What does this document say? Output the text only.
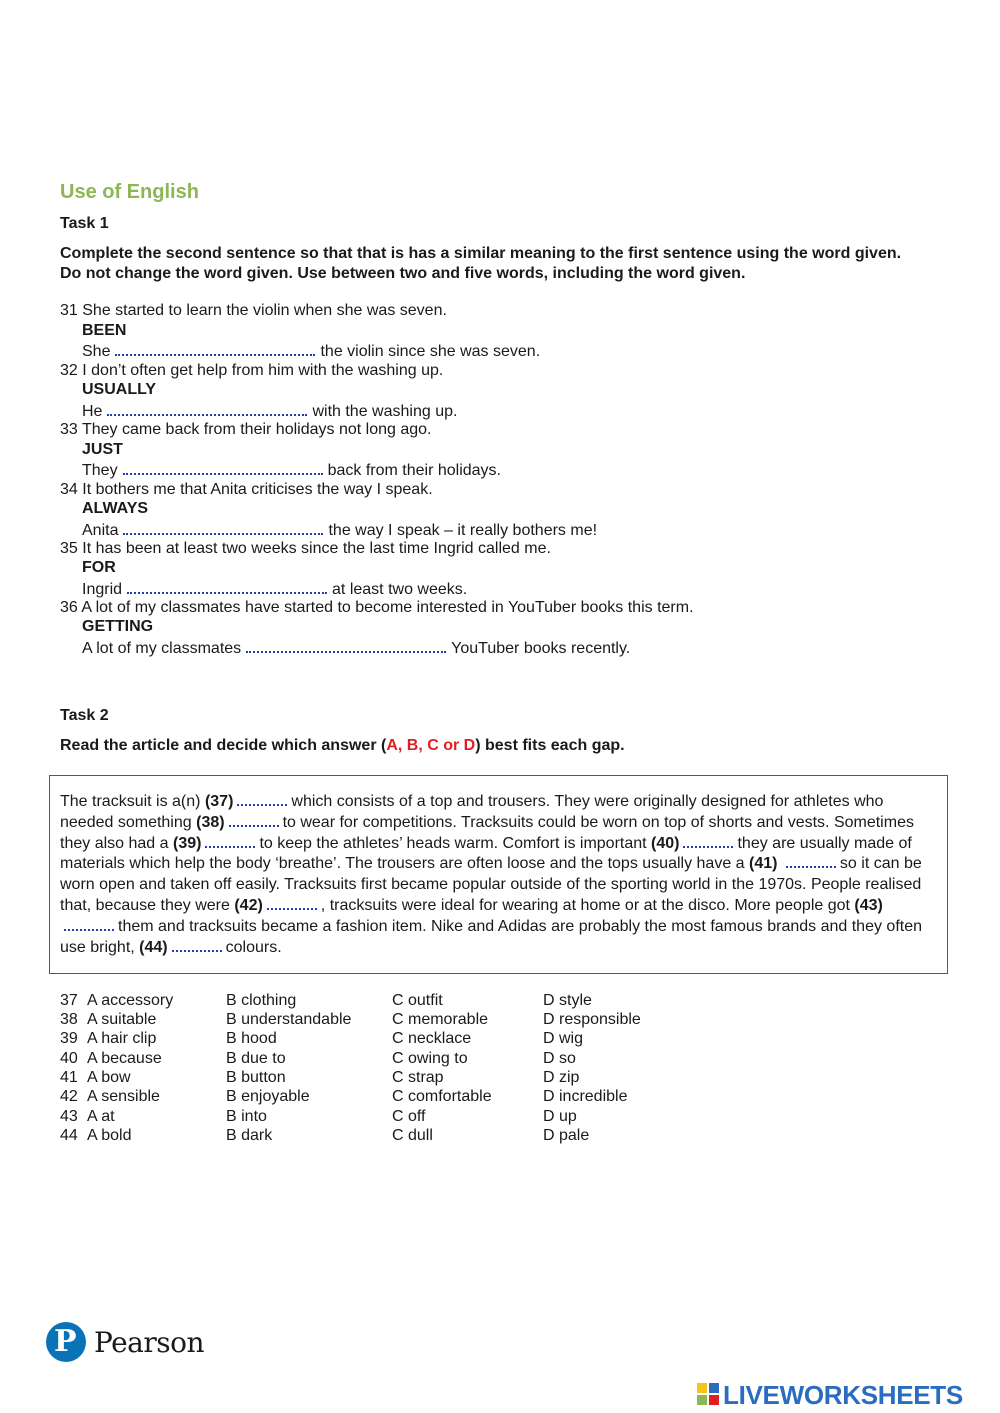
Use of English
Task 1
Complete the second sentence so that that is has a similar meaning to the first sentence using the word given. Do not change the word given. Use between two and five words, including the word given.
31 She started to learn the violin when she was seven.
BEEN
She	the violin since she was seven.
32 I don’t often get help from him with the washing up.
USUALLY
He	with the washing up.
33 They came back from their holidays not long ago.
JUST
They	back from their holidays.
34 It bothers me that Anita criticises the way I speak.
ALWAYS
Anita	the way I speak – it really bothers me!
35 It has been at least two weeks since the last time Ingrid called me.
FOR
Ingrid	at least two weeks.
36 A lot of my classmates have started to become interested in YouTuber books this term.
GETTING
A lot of my classmates	YouTuber books recently.
Task 2
Read the article and decide which answer (A, B, C or D) best fits each gap.
The tracksuit is a(n) (37)	which consists of a top and trousers. They were originally designed for athletes who needed something (38)	to wear for competitions. Tracksuits could be worn on top of shorts and vests. Sometimes they also had a (39)	to keep the athletes’ heads warm. Comfort is important (40)	they are usually made of materials which help the body ‘breathe’. The trousers are often loose and the tops usually have a (41)	so it can be worn open and taken off easily. Tracksuits first became popular outside of the sporting world in the 1970s. People realised that, because they were (42)	, tracksuits were ideal for wearing at home or at the disco. More people got (43)them and tracksuits became a fashion item. Nike and Adidas are probably the most famous brands and they often use bright, (44)	colours.
37 A accessory	B clothing	C outfit	D style
38 A suitable	B understandable	C memorable	D responsible
39 A hair clip	B hood	C necklace	D wig
40 A because	B due to	C owing to	D so
41 A bow	B button	C strap	D zip
42 A sensible	B enjoyable	C comfortable	D incredible
43 A at	B into	C off	D up
44 A bold	B dark	C dull	D pale
P Pearson
LIVEWORKSHEETS
